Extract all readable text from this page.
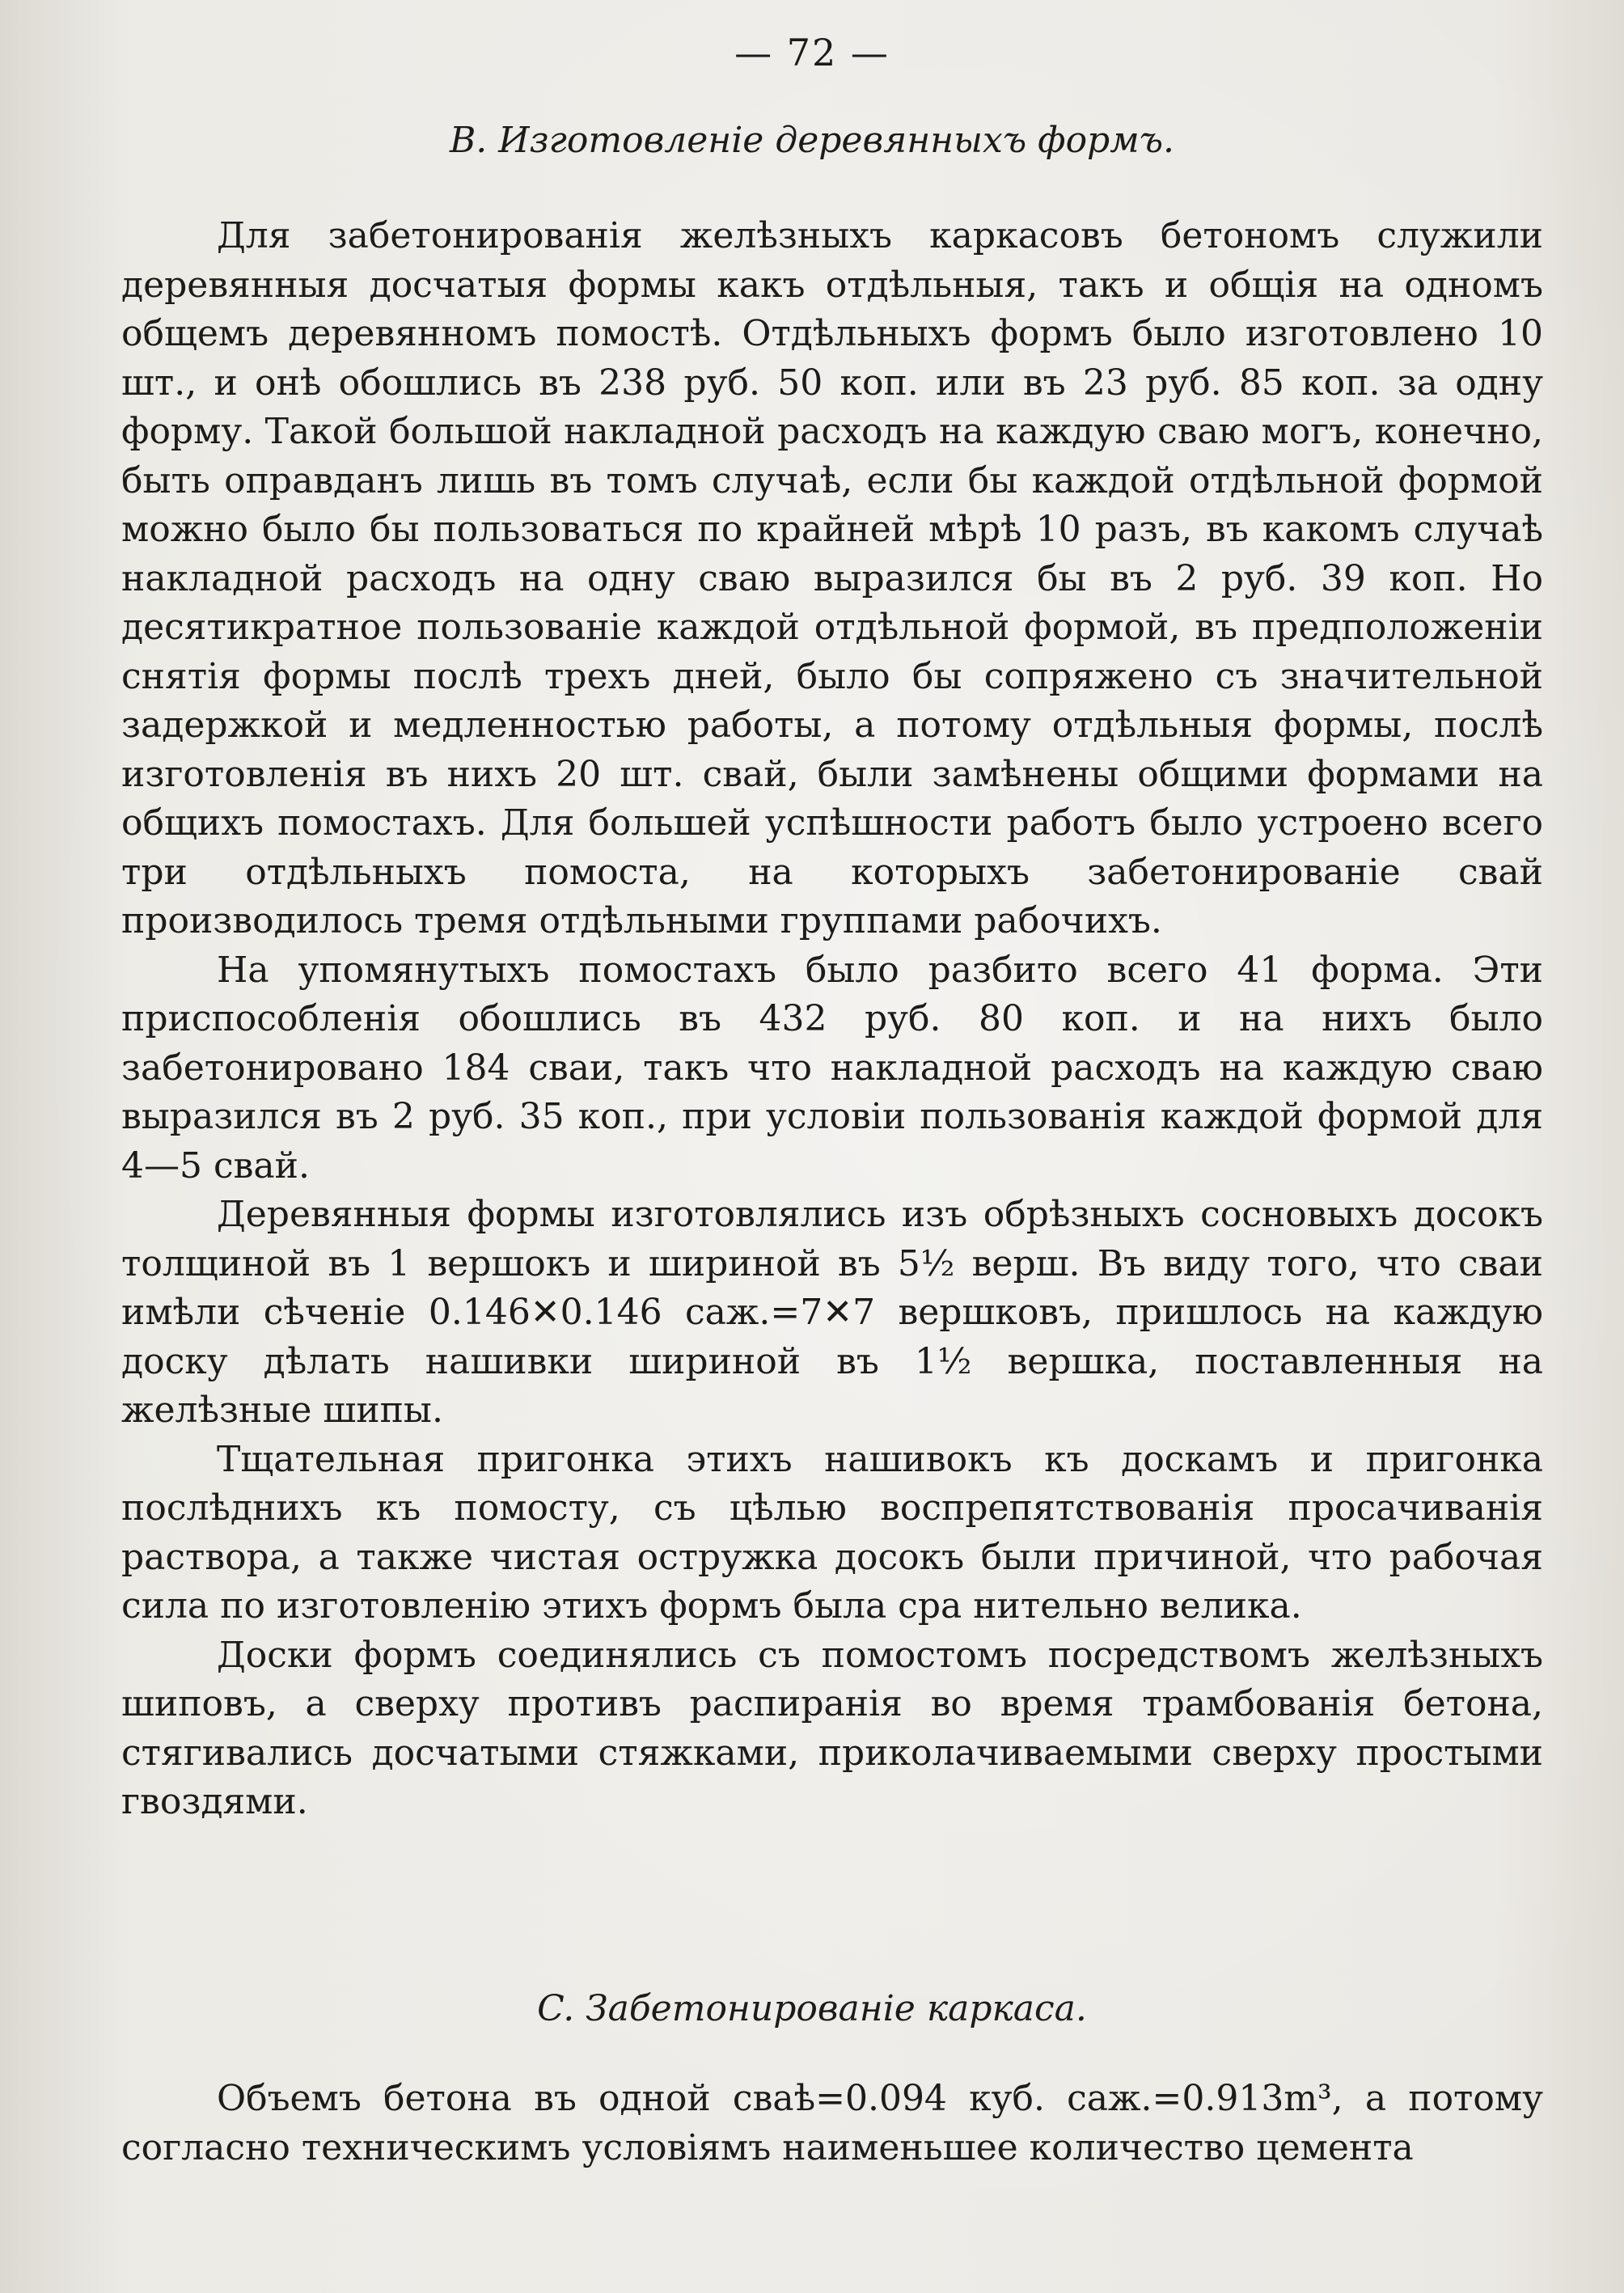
— 72 —
B. Изготовленіе деревянныхъ формъ.

Для забетонированія желѣзныхъ каркасовъ бетономъ служили деревянныя досчатыя формы какъ отдѣльныя, такъ и общія на одномъ общемъ деревянномъ помостѣ. Отдѣльныхъ формъ было изготовлено 10 шт., и онѣ обошлись въ 238 руб. 50 коп. или въ 23 руб. 85 коп. за одну форму. Такой большой накладной расходъ на каждую сваю могъ, конечно, быть оправданъ лишь въ томъ случаѣ, если бы каждой отдѣльной формой можно было бы пользоваться по крайней мѣрѣ 10 разъ, въ какомъ случаѣ накладной расходъ на одну сваю выразился бы въ 2 руб. 39 коп. Но десятикратное пользованіе каждой отдѣльной формой, въ предположеніи снятія формы послѣ трехъ дней, было бы сопряжено съ значительной задержкой и медленностью работы, а потому отдѣльныя формы, послѣ изготовленія въ нихъ 20 шт. свай, были замѣнены общими формами на общихъ помостахъ. Для большей успѣшности работъ было устроено всего три отдѣльныхъ помоста, на которыхъ забетонированіе свай производилось тремя отдѣльными группами рабочихъ.

На упомянутыхъ помостахъ было разбито всего 41 форма. Эти приспособленія обошлись въ 432 руб. 80 коп. и на нихъ было забетонировано 184 сваи, такъ что накладной расходъ на каждую сваю выразился въ 2 руб. 35 коп., при условіи пользованія каждой формой для 4—5 свай.

Деревянныя формы изготовлялись изъ обрѣзныхъ сосновыхъ досокъ толщиной въ 1 вершокъ и шириной въ 5½ верш. Въ виду того, что сваи имѣли сѣченіе 0.146✕0.146 саж.=7✕7 вершковъ, пришлось на каждую доску дѣлать нашивки шириной въ 1½ вершка, поставленныя на желѣзные шипы.

Тщательная пригонка этихъ нашивокъ къ доскамъ и пригонка послѣднихъ къ помосту, съ цѣлью воспрепятствованія просачиванія раствора, а также чистая остружка досокъ были причиной, что рабочая сила по изготовленію этихъ формъ была сра нительно велика.

Доски формъ соединялись съ помостомъ посредствомъ желѣзныхъ шиповъ, а сверху противъ распиранія во время трамбованія бетона, стягивались досчатыми стяжками, приколачиваемыми сверху простыми гвоздями.

C. Забетонированіе каркаса.

Объемъ бетона въ одной сваѣ=0.094 куб. саж.=0.913m³, а потому согласно техническимъ условіямъ наименьшее количество цемента
